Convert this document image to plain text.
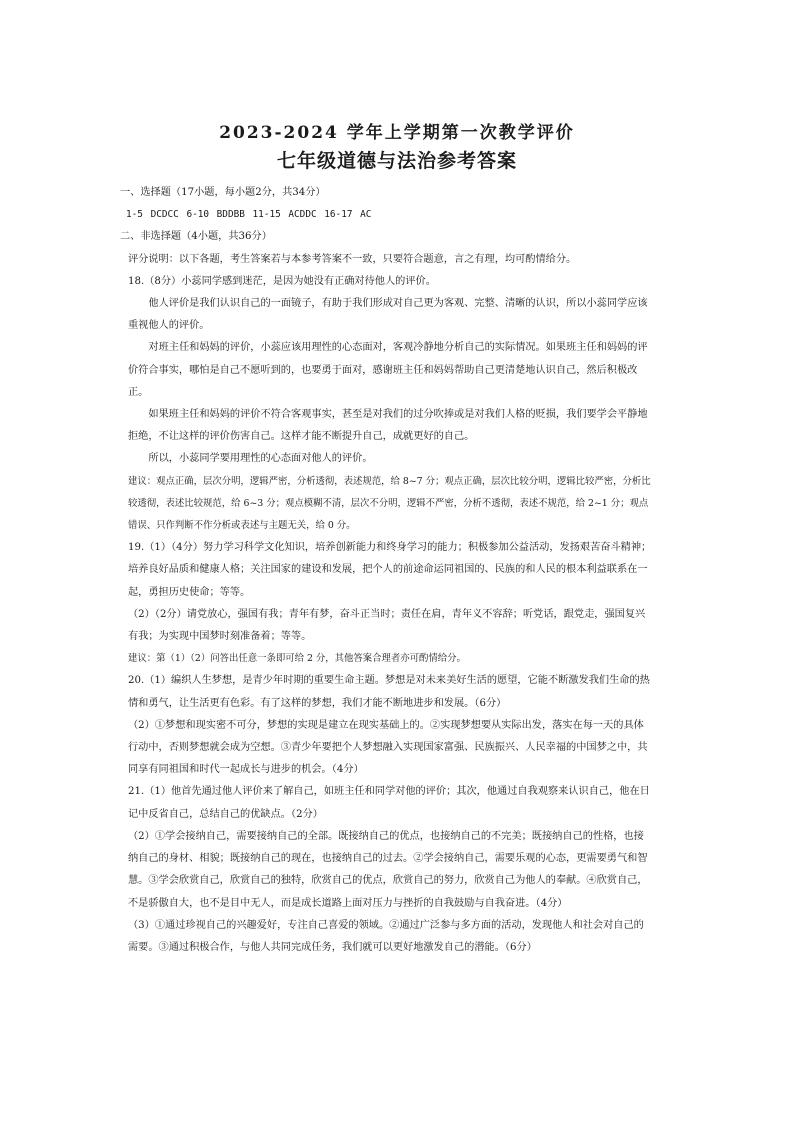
2023-2024 学年上学期第一次教学评价
七年级道德与法治参考答案

一、选择题（17小题，每小题2分，共34分）

1-5 DCDCC 6-10 BDDBB 11-15 ACDDC 16-17 AC

二、非选择题（4小题，共36分）

评分说明：以下各题，考生答案若与本参考答案不一致，只要符合题意，言之有理，均可酌情给分。

18.（8分）小蕊同学感到迷茫，是因为她没有正确对待他人的评价。

他人评价是我们认识自己的一面镜子，有助于我们形成对自己更为客观、完整、清晰的认识，所以小蕊同学应该重视他人的评价。

对班主任和妈妈的评价，小蕊应该用理性的心态面对，客观冷静地分析自己的实际情况。如果班主任和妈妈的评价符合事实，哪怕是自己不愿听到的，也要勇于面对，感谢班主任和妈妈帮助自己更清楚地认识自己，然后积极改正。

如果班主任和妈妈的评价不符合客观事实，甚至是对我们的过分吹捧或是对我们人格的贬损，我们要学会平静地拒绝，不让这样的评价伤害自己。这样才能不断提升自己，成就更好的自己。

所以，小蕊同学要用理性的心态面对他人的评价。

建议：观点正确，层次分明，逻辑严密，分析透彻，表述规范，给 8~7 分；观点正确，层次比较分明，逻辑比较严密，分析比较透彻，表述比较规范，给 6~3 分；观点模糊不清，层次不分明，逻辑不严密，分析不透彻，表述不规范，给 2~1 分；观点错误、只作判断不作分析或表述与主题无关，给 0 分。

19.（1）（4分）努力学习科学文化知识，培养创新能力和终身学习的能力；积极参加公益活动，发扬艰苦奋斗精神；培养良好品质和健康人格；关注国家的建设和发展，把个人的前途命运同祖国的、民族的和人民的根本利益联系在一起，勇担历史使命；等等。

（2）（2分）请党放心，强国有我；青年有梦，奋斗正当时；责任在肩，青年义不容辞；听党话，跟党走，强国复兴有我；为实现中国梦时刻准备着；等等。

建议：第（1）（2）问答出任意一条即可给 2 分，其他答案合理者亦可酌情给分。

20.（1）编织人生梦想，是青少年时期的重要生命主题。梦想是对未来美好生活的愿望，它能不断激发我们生命的热情和勇气，让生活更有色彩。有了这样的梦想，我们才能不断地进步和发展。（6分）

（2）①梦想和现实密不可分，梦想的实现是建立在现实基础上的。②实现梦想要从实际出发，落实在每一天的具体行动中，否则梦想就会成为空想。③青少年要把个人梦想融入实现国家富强、民族振兴、人民幸福的中国梦之中，共同享有同祖国和时代一起成长与进步的机会。（4分）

21.（1）他首先通过他人评价来了解自己，如班主任和同学对他的评价；其次，他通过自我观察来认识自己，他在日记中反省自己，总结自己的优缺点。（2分）

（2）①学会接纳自己，需要接纳自己的全部。既接纳自己的优点，也接纳自己的不完美；既接纳自己的性格，也接纳自己的身材、相貌；既接纳自己的现在，也接纳自己的过去。②学会接纳自己，需要乐观的心态，更需要勇气和智慧。③学会欣赏自己，欣赏自己的独特，欣赏自己的优点，欣赏自己的努力，欣赏自己为他人的奉献。④欣赏自己，不是骄傲自大，也不是目中无人，而是成长道路上面对压力与挫折的自我鼓励与自我奋进。（4分）

（3）①通过珍视自己的兴趣爱好，专注自己喜爱的领域。②通过广泛参与多方面的活动，发现他人和社会对自己的需要。③通过积极合作，与他人共同完成任务，我们就可以更好地激发自己的潜能。（6分）
